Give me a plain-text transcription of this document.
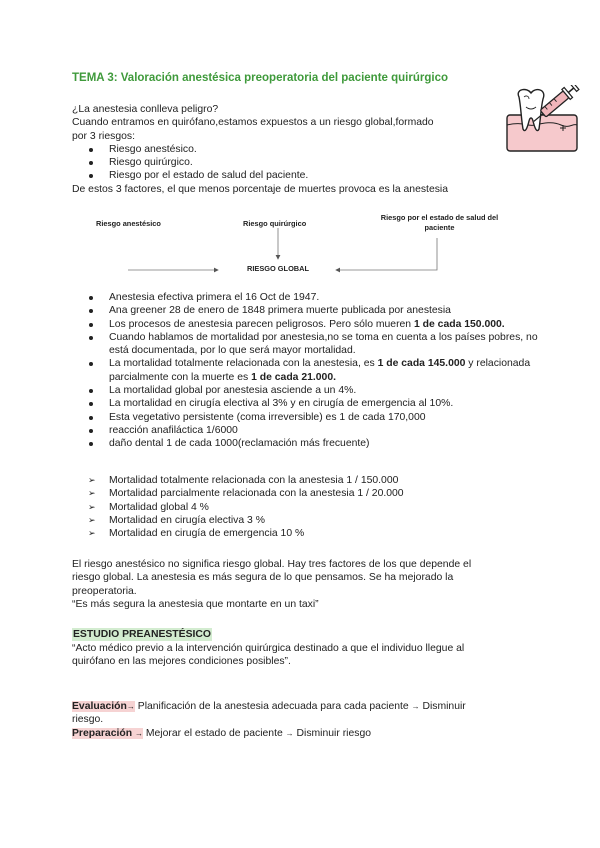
TEMA 3: Valoración anestésica preoperatoria del paciente quirúrgico

¿La anestesia conlleva peligro?

Cuando entramos en quirófano,estamos expuestos a un riesgo global,formado

por 3 riesgos:

Riesgo anestésico.
Riesgo quirúrgico.
Riesgo por el estado de salud del paciente.

De estos 3 factores, el que menos porcentaje de muertes provoca es la anestesia

Riesgo anestésico	Riesgo quirúrgico
Riesgo por el estado de salud del
paciente
RIESGO GLOBAL
Anestesia efectiva primera el 16 Oct de 1947.
Ana greener 28 de enero de 1848 primera muerte publicada por anestesia
Los procesos de anestesia parecen peligrosos. Pero sólo mueren 1 de cada 150.000.
Cuando hablamos de mortalidad por anestesia,no se toma en cuenta a los países pobres, no está documentada, por lo que será mayor mortalidad.
La mortalidad totalmente relacionada con la anestesia, es 1 de cada 145.000 y relacionada parcialmente con la muerte es 1 de cada 21.000.
La mortalidad global por anestesia asciende a un 4%.
La mortalidad en cirugía electiva al 3% y en cirugía de emergencia al 10%.
Esta vegetativo persistente (coma irreversible) es 1 de cada 170,000
reacción anafiláctica 1/6000
daño dental 1 de cada 1000(reclamación más frecuente)
➢ Mortalidad totalmente relacionada con la anestesia 1 / 150.000
➢ Mortalidad parcialmente relacionada con la anestesia 1 / 20.000
➢ Mortalidad global 4 %
➢ Mortalidad en cirugía electiva 3 %
➢ Mortalidad en cirugía de emergencia 10 %

El riesgo anestésico no significa riesgo global. Hay tres factores de los que depende el

riesgo global. La anestesia es más segura de lo que pensamos. Se ha mejorado la

preoperatoria.

“Es más segura la anestesia que montarte en un taxi”

ESTUDIO PREANESTÉSICO
“Acto médico previo a la intervención quirúrgica destinado a que el individuo llegue al
quirófano en las mejores condiciones posibles”.

Evaluación→ Planificación de la anestesia adecuada para cada paciente → Disminuir

riesgo.

Preparación → Mejorar el estado de paciente → Disminuir riesgo
